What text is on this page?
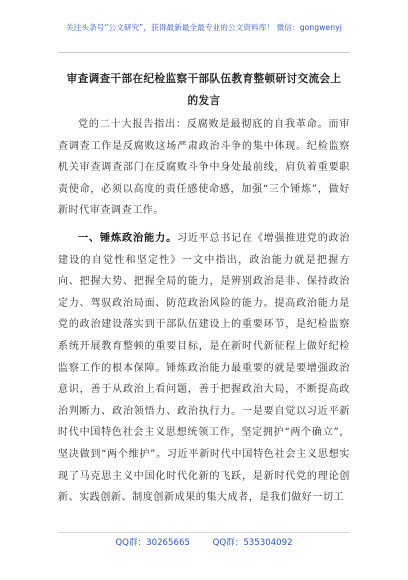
关注头条号“公文研究”，获得最新最全最专业的公文资料库！ 微信：gongwenyj
审查调查干部在纪检监察干部队伍教育整顿研讨交流会上
的发言

党的二十大报告指出：反腐败是最彻底的自我革命。而审查调查工作是反腐败这场严肃政治斗争的集中体现。纪检监察机关审查调查部门在反腐败斗争中身处最前线，肩负着重要职责使命，必须以高度的责任感使命感，加强“三个锤炼”，做好新时代审查调查工作。

一、锤炼政治能力。习近平总书记在《增强推进党的政治建设的自觉性和坚定性》一文中指出，政治能力就是把握方向、把握大势、把握全局的能力，是辨别政治是非、保持政治定力、驾驭政治局面、防范政治风险的能力。提高政治能力是党的政治建设落实到干部队伍建设上的重要环节，是纪检监察系统开展教育整顿的重要目标，是在新时代新征程上做好纪检监察工作的根本保障。锤炼政治能力最重要的就是要增强政治意识，善于从政治上看问题，善于把握政治大局，不断提高政治判断力、政治领悟力、政治执行力。一是要自觉以习近平新时代中国特色社会主义思想统领工作，坚定拥护“两个确立”，坚决做到“两个维护”。习近平新时代中国特色社会主义思想实现了马克思主义中国化时代化新的飞跃，是新时代党的理论创新、实践创新、制度创新成果的集大成者，是我们做好一切工

QQ群：30265665	QQ群：535304092
